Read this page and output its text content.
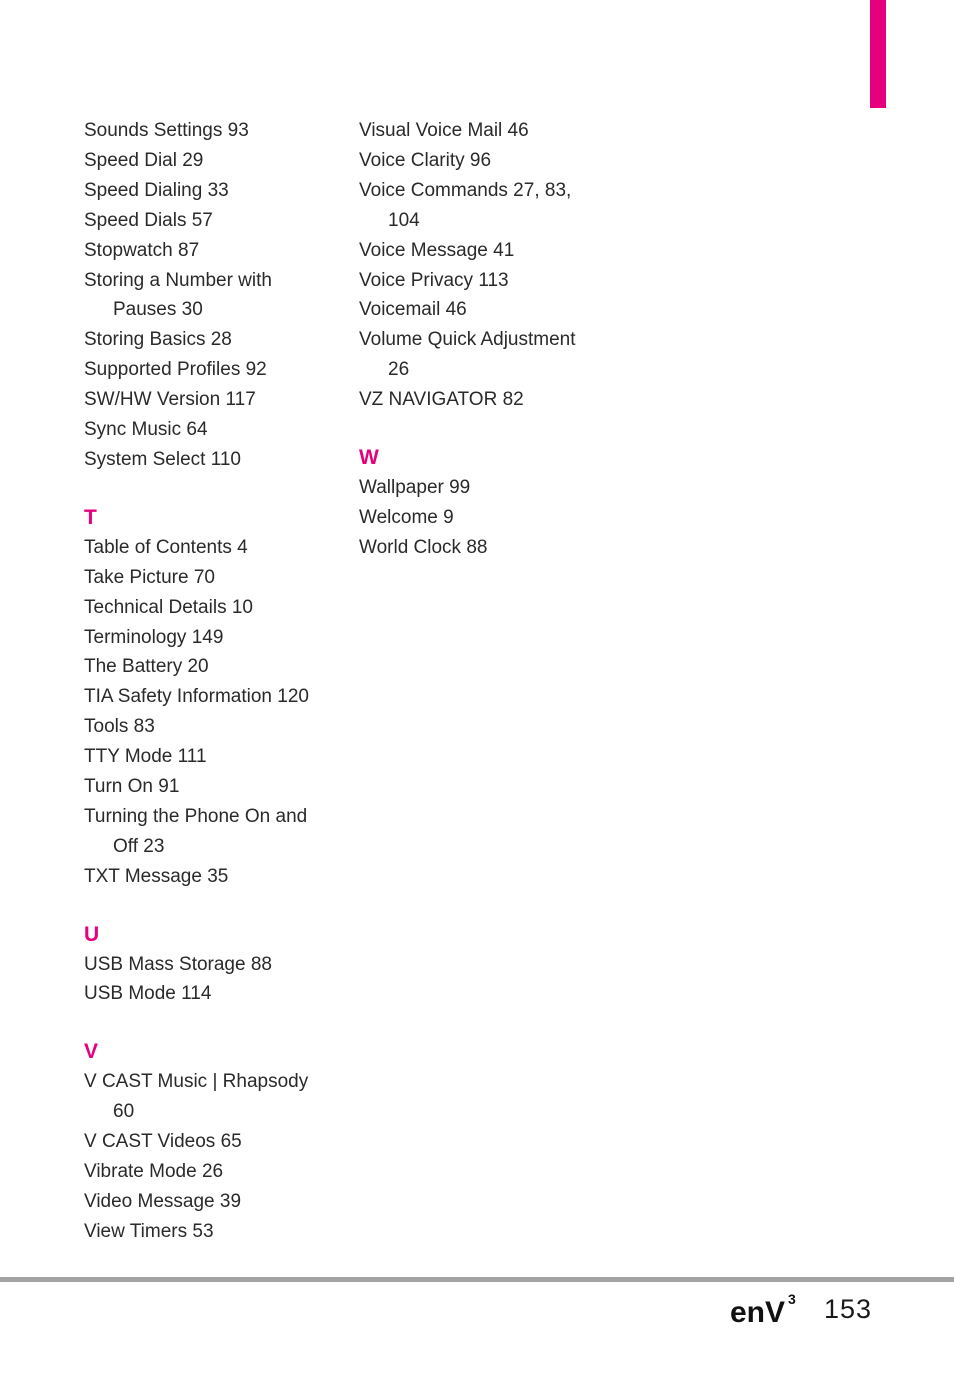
Sounds Settings 93
Speed Dial 29
Speed Dialing 33
Speed Dials 57
Stopwatch 87
Storing a Number with
Pauses 30
Storing Basics 28
Supported Profiles 92
SW/HW Version 117
Sync Music 64
System Select 110
T
Table of Contents 4
Take Picture 70
Technical Details 10
Terminology 149
The Battery 20
TIA Safety Information 120
Tools 83
TTY Mode 111
Turn On 91
Turning the Phone On and
Off 23
TXT Message 35
U
USB Mass Storage 88
USB Mode 114
V
V CAST Music | Rhapsody
60
V CAST Videos 65
Vibrate Mode 26
Video Message 39
View Timers 53
Visual Voice Mail 46
Voice Clarity 96
Voice Commands 27, 83,
104
Voice Message 41
Voice Privacy 113
Voicemail 46
Volume Quick Adjustment
26
VZ NAVIGATOR 82
W
Wallpaper 99
Welcome 9
World Clock 88
enV 3 153
